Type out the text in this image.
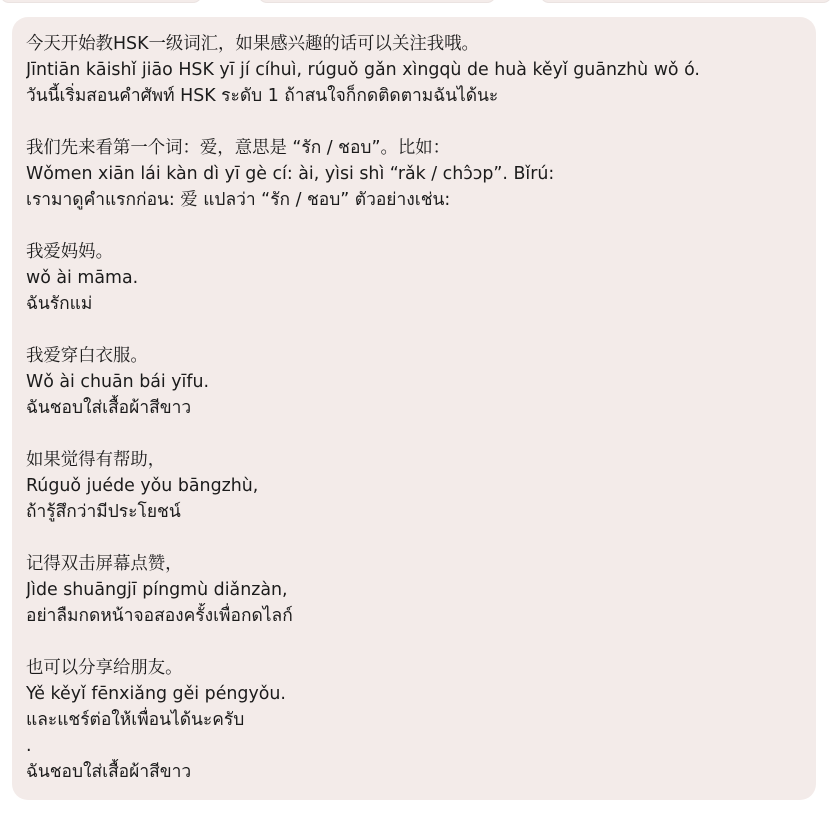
今天开始教HSK一级词汇，如果感兴趣的话可以关注我哦。
Jīntiān kāishǐ jiāo HSK yī jí cíhuì, rúguǒ gǎn xìngqù de huà kěyǐ guānzhù wǒ ó.
วันนี้เริ่มสอนคำศัพท์ HSK ระดับ 1 ถ้าสนใจก็กดติดตามฉันได้นะ
我们先来看第一个词：爱，意思是 “รัก / ชอบ”。比如：
Wǒmen xiān lái kàn dì yī gè cí: ài, yìsi shì “rǎk / chɔ̂ɔp”. Bǐrú:
เรามาดูคำแรกก่อน: 爱 แปลว่า “รัก / ชอบ” ตัวอย่างเช่น:
我爱妈妈。
wǒ ài māma.
ฉันรักแม่
我爱穿白衣服。
Wǒ ài chuān bái yīfu.
ฉันชอบใส่เสื้อผ้าสีขาว
如果觉得有帮助，
Rúguǒ juéde yǒu bāngzhù,
ถ้ารู้สึกว่ามีประโยชน์
记得双击屏幕点赞，
Jìde shuāngjī píngmù diǎnzàn,
อย่าลืมกดหน้าจอสองครั้งเพื่อกดไลก์
也可以分享给朋友。
Yě kěyǐ fēnxiǎng gěi péngyǒu.
และแชร์ต่อให้เพื่อนได้นะครับ
.
ฉันชอบใส่เสื้อผ้าสีขาว
